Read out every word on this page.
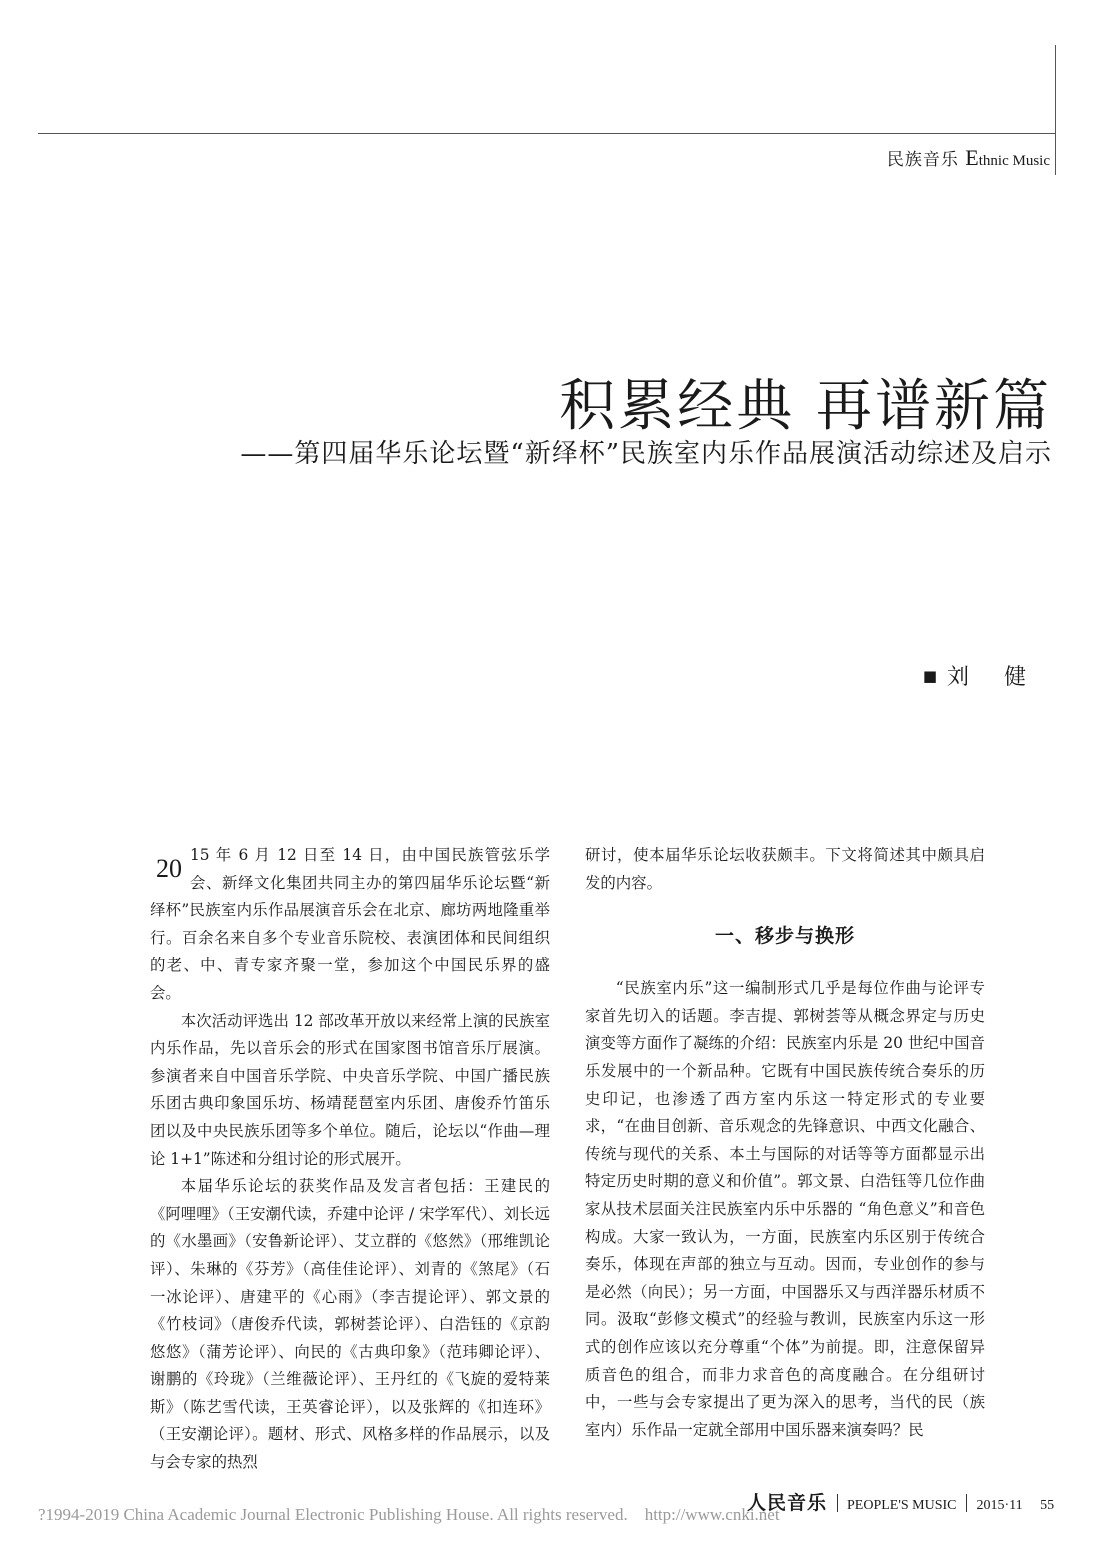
民族音乐 Ethnic Music
积累经典 再谱新篇
——第四届华乐论坛暨“新绎杯”民族室内乐作品展演活动综述及启示
■ 刘 健

20 15 年 6 月 12 日至 14 日，由中国民族管弦乐学会、新绎文化集团共同主办的第四届华乐论坛暨“新绎杯”民族室内乐作品展演音乐会在北京、廊坊两地隆重举行。百余名来自多个专业音乐院校、表演团体和民间组织的老、中、青专家齐聚一堂，参加这个中国民乐界的盛会。

本次活动评选出 12 部改革开放以来经常上演的民族室内乐作品，先以音乐会的形式在国家图书馆音乐厅展演。参演者来自中国音乐学院、中央音乐学院、中国广播民族乐团古典印象国乐坊、杨靖琵琶室内乐团、唐俊乔竹笛乐团以及中央民族乐团等多个单位。随后，论坛以“作曲—理论 1+1”陈述和分组讨论的形式展开。

本届华乐论坛的获奖作品及发言者包括：王建民的《阿哩哩》（王安潮代读，乔建中论评 / 宋学军代）、刘长远的《水墨画》（安鲁新论评）、艾立群的《悠然》（邢维凯论评）、朱琳的《芬芳》（高佳佳论评）、刘青的《煞尾》（石一冰论评）、唐建平的《心雨》（李吉提论评）、郭文景的《竹枝词》（唐俊乔代读，郭树荟论评）、白浩钰的《京韵悠悠》（蒲芳论评）、向民的《古典印象》（范玮卿论评）、谢鹏的《玲珑》（兰维薇论评）、王丹红的《飞旋的爱特莱斯》（陈艺雪代读，王英睿论评），以及张辉的《扣连环》（王安潮论评）。题材、形式、风格多样的作品展示，以及与会专家的热烈

研讨，使本届华乐论坛收获颇丰。下文将简述其中颇具启发的内容。

一、移步与换形

“民族室内乐”这一编制形式几乎是每位作曲与论评专家首先切入的话题。李吉提、郭树荟等从概念界定与历史演变等方面作了凝练的介绍：民族室内乐是 20 世纪中国音乐发展中的一个新品种。它既有中国民族传统合奏乐的历史印记，也渗透了西方室内乐这一特定形式的专业要求，“在曲目创新、音乐观念的先锋意识、中西文化融合、传统与现代的关系、本土与国际的对话等等方面都显示出特定历史时期的意义和价值”。郭文景、白浩钰等几位作曲家从技术层面关注民族室内乐中乐器的 “角色意义”和音色构成。大家一致认为，一方面，民族室内乐区别于传统合奏乐，体现在声部的独立与互动。因而，专业创作的参与是必然（向民）；另一方面，中国器乐又与西洋器乐材质不同。汲取“彭修文模式”的经验与教训，民族室内乐这一形式的创作应该以充分尊重“个体”为前提。即，注意保留异质音色的组合，而非力求音色的高度融合。在分组研讨中，一些与会专家提出了更为深入的思考，当代的民（族室内）乐作品一定就全部用中国乐器来演奏吗？民

人民音乐 PEOPLE'S MUSIC 2015·11 55
?1994-2019 China Academic Journal Electronic Publishing House. All rights reserved.    http://www.cnki.net
